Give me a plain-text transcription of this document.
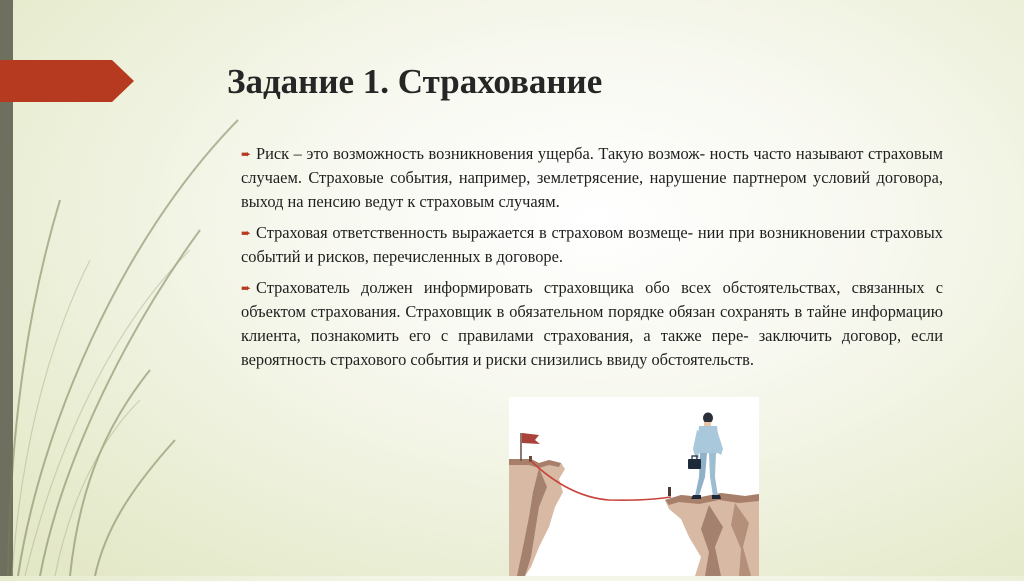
Задание 1. Страхование

➨ Риск – это возможность возникновения ущерба. Такую возмож- ность часто называют страховым случаем. Страховые события, например, землетрясение, нарушение партнером условий договора, выход на пенсию ведут к страховым случаям.

➨ Страховая ответственность выражается в страховом возмеще- нии при возникновении страховых событий и рисков, перечисленных в договоре.

➨ Страхователь должен информировать страховщика обо всех обстоятельствах, связанных с объектом страхования. Страховщик в обязательном порядке обязан сохранять в тайне информацию клиента, познакомить его с правилами страхования, а также пере- заключить договор, если вероятность страхового события и риски снизились ввиду обстоятельств.
